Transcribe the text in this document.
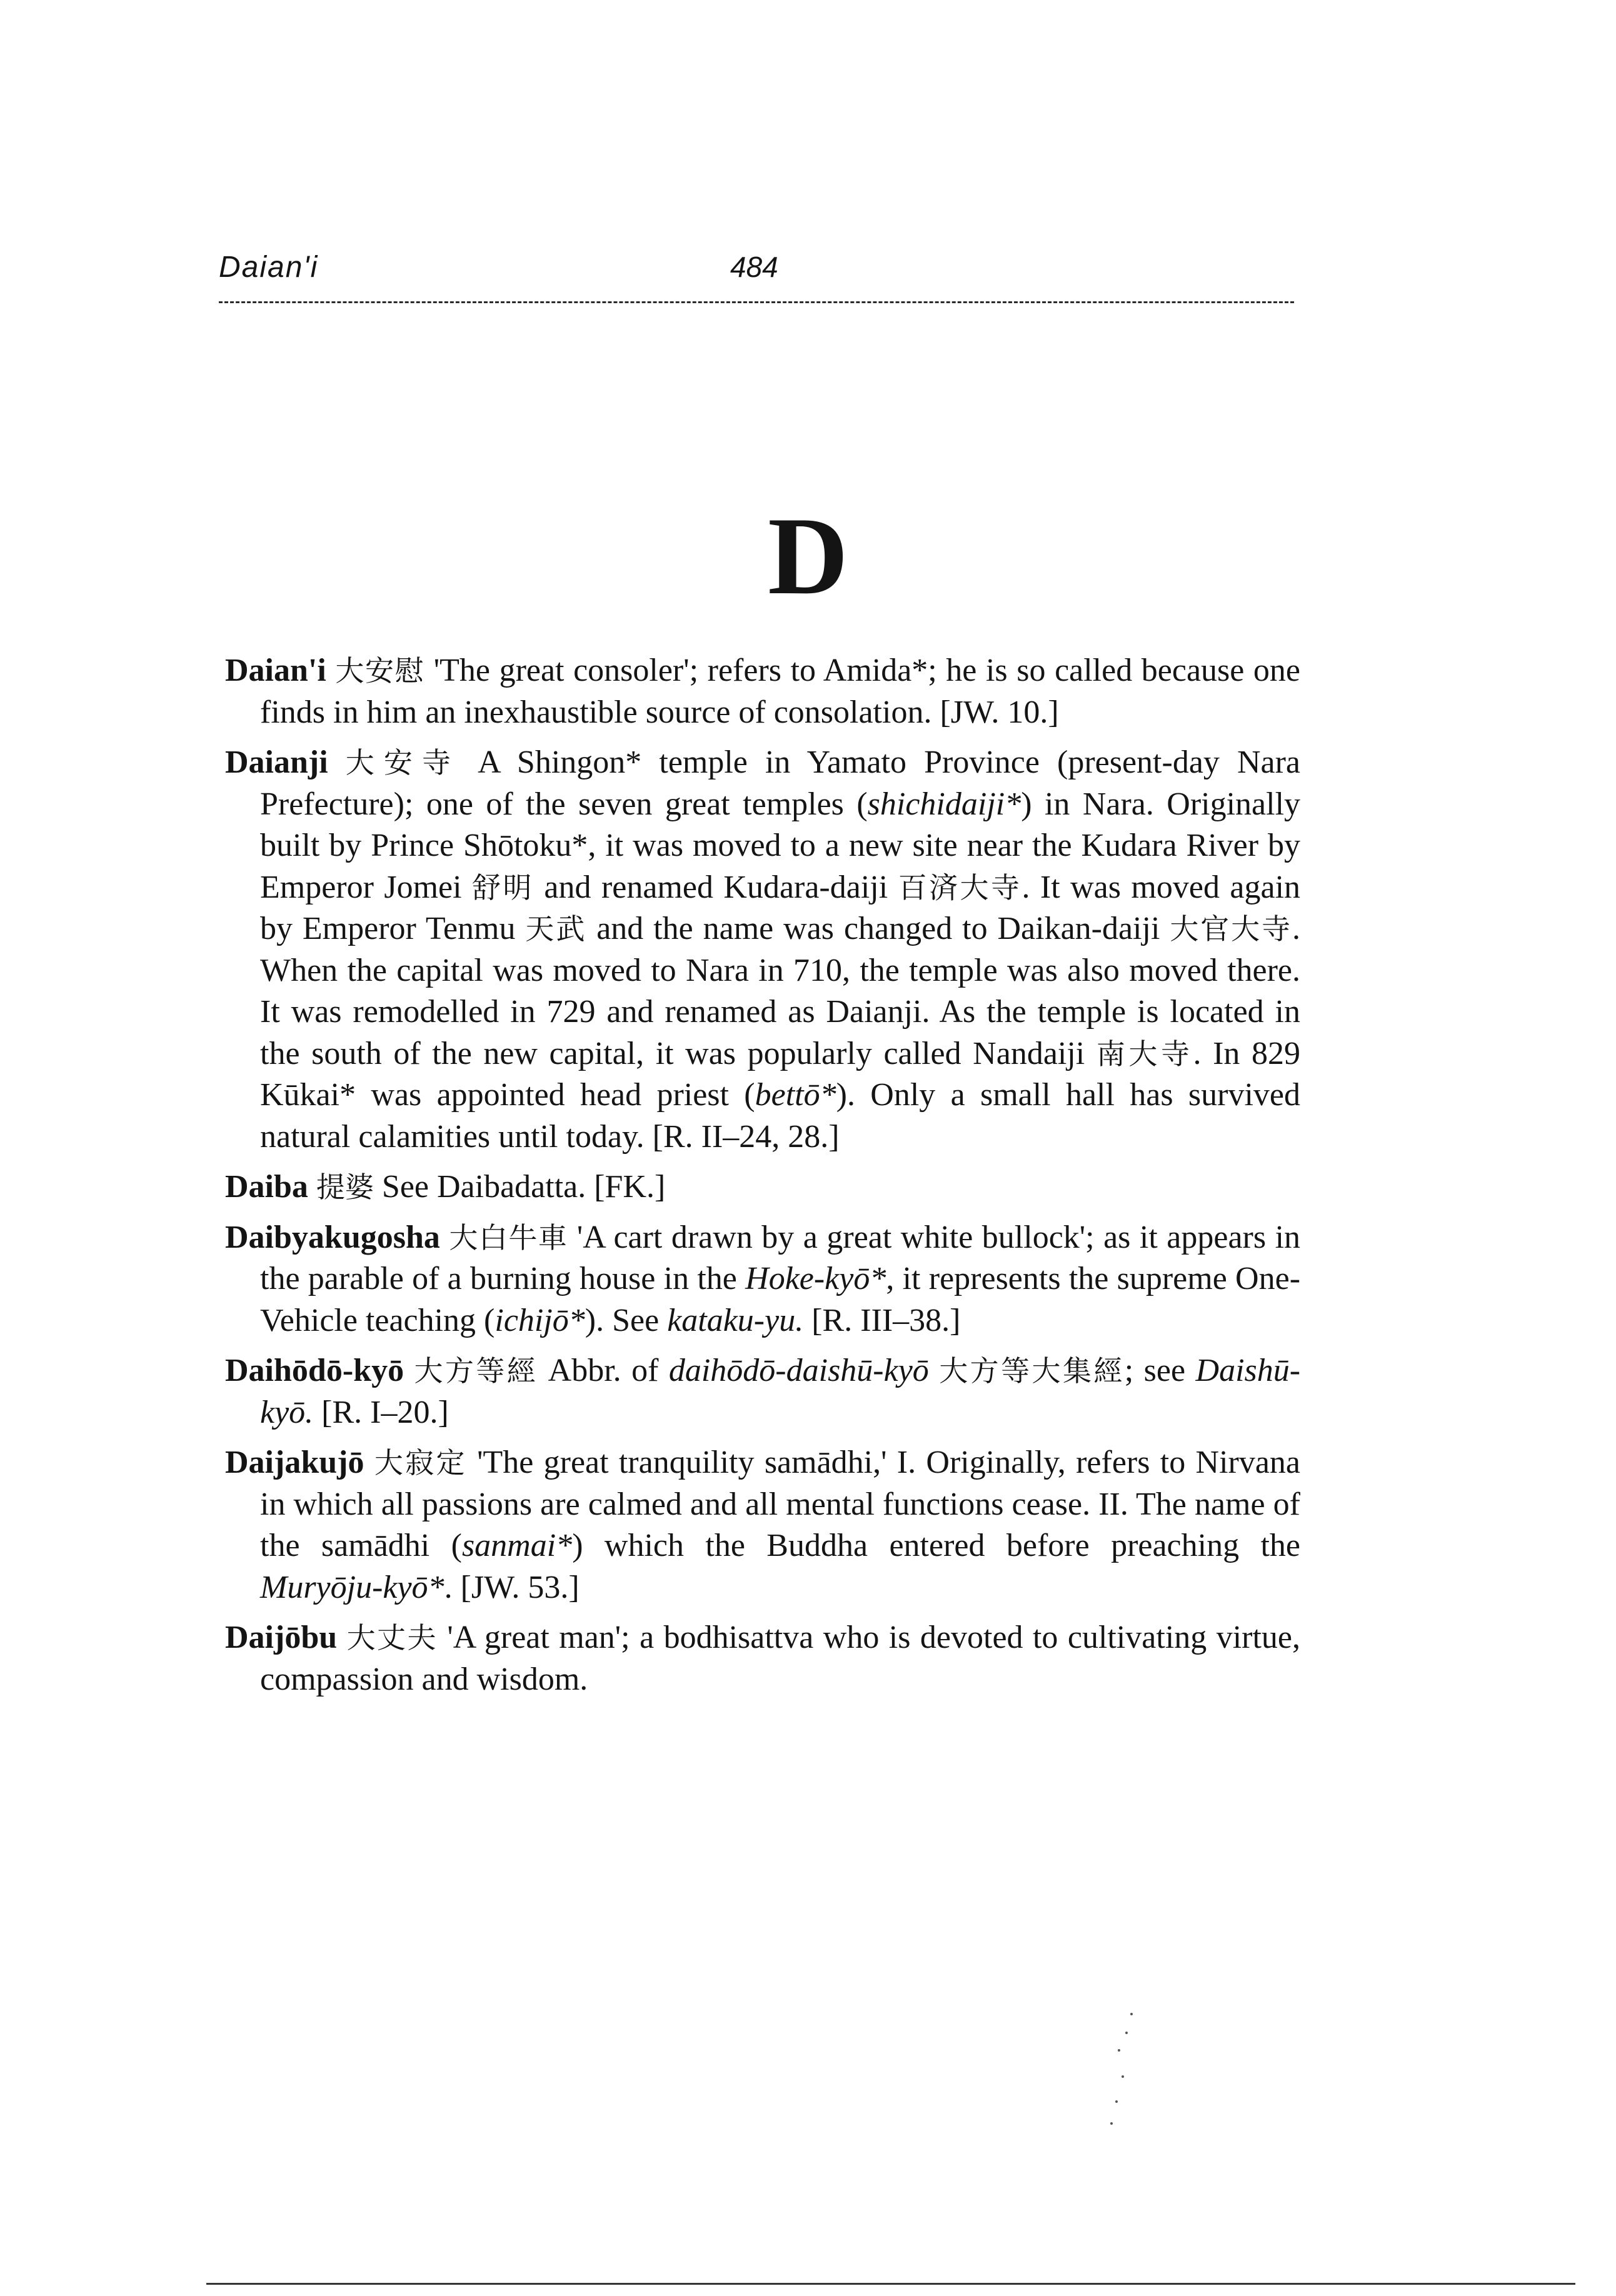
Daian'i	484
D

Daian'i 大安慰 'The great consoler'; refers to Amida*; he is so called because one finds in him an inexhaustible source of consolation. [JW. 10.]

Daianji 大安寺 A Shingon* temple in Yamato Province (present-day Nara Prefecture); one of the seven great temples (shichidaiji*) in Nara. Originally built by Prince Shōtoku*, it was moved to a new site near the Kudara River by Emperor Jomei 舒明 and renamed Kudara-daiji 百済大寺. It was moved again by Emperor Tenmu 天武 and the name was changed to Daikan-daiji 大官大寺. When the capital was moved to Nara in 710, the temple was also moved there. It was remodelled in 729 and renamed as Daianji. As the temple is located in the south of the new capital, it was popularly called Nandaiji 南大寺. In 829 Kūkai* was appointed head priest (bettō*). Only a small hall has survived natural calamities until today. [R. II–24, 28.]

Daiba 提婆 See Daibadatta. [FK.]

Daibyakugosha 大白牛車 'A cart drawn by a great white bullock'; as it appears in the parable of a burning house in the Hoke-kyō*, it represents the supreme One-Vehicle teaching (ichijō*). See kataku-yu. [R. III–38.]

Daihōdō-kyō 大方等經 Abbr. of daihōdō-daishū-kyō 大方等大集經; see Daishū-kyō. [R. I–20.]

Daijakujō 大寂定 'The great tranquility samādhi,' I. Originally, refers to Nirvana in which all passions are calmed and all mental functions cease. II. The name of the samādhi (sanmai*) which the Buddha entered before preaching the Muryōju-kyō*. [JW. 53.]

Daijōbu 大丈夫 'A great man'; a bodhisattva who is devoted to cultivating virtue, compassion and wisdom.
